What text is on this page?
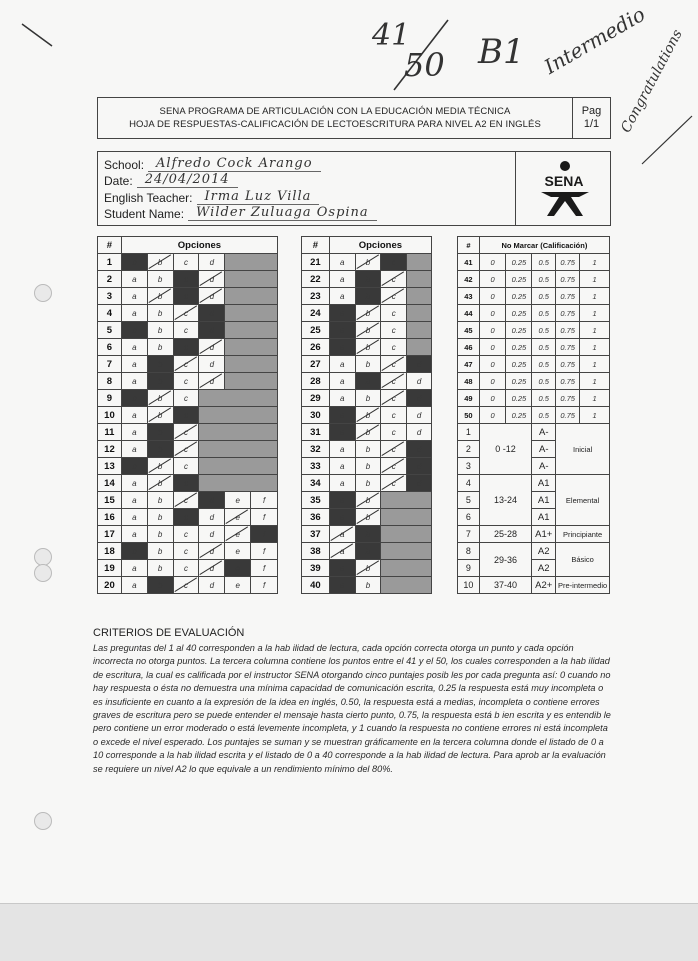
41
50 B1 Intermedio
Congratulations
SENA PROGRAMA DE ARTICULACIÓN CON LA EDUCACIÓN MEDIA TÉCNICA
HOJA DE RESPUESTAS-CALIFICACIÓN DE LECTOESCRITURA PARA NIVEL A2 EN INGLÉS
Pag
1/1
School: Alfredo Cock Arango
Date: 24/04/2014
English Teacher: Irma Luz Villa
Student Name: Wilder Zuluaga Ospina
SENA
#	Opciones					
1	a	b	c	d		
2	a	b	c	d		
3	a	b	c	d		
4	a	b	c	d		
5	a	b	c	d		
6	a	b	c	d		
7	a	b	c	d		
8	a	b	c	d		
9	a	b	c			
10	a	b	c			
11	a	b	c			
12	a	b	c			
13	a	b	c			
14	a	b	c			
15	a	b	c	d	e	f
16	a	b	c	d	e	f
17	a	b	c	d	e	f
18	a	b	c	d	e	f
19	a	b	c	d	e	f
20	a	b	c	d	e	f
#	Opciones			
21	a	b	c	
22	a	b	c	
23	a	b	c	
24	a	b	c	
25	a	b	c	
26	a	b	c	
27	a	b	c	d
28	a	b	c	d
29	a	b	c	d
30	a	b	c	d
31	a	b	c	d
32	a	b	c	d
33	a	b	c	d
34	a	b	c	d
35	a	b		
36	a	b		
37	a	b		
38	a	b		
39	a	b		
40	a	b		
#	No Marcar (Calificación)				
41	0	0.25	0.5	0.75	1
42	0	0.25	0.5	0.75	1
43	0	0.25	0.5	0.75	1
44	0	0.25	0.5	0.75	1
45	0	0.25	0.5	0.75	1
46	0	0.25	0.5	0.75	1
47	0	0.25	0.5	0.75	1
48	0	0.25	0.5	0.75	1
49	0	0.25	0.5	0.75	1
50	0	0.25	0.5	0.75	1
1	0 -12		A-	Inicial	
2			A-		
3			A-		
4	13-24		A1	Elemental	
5			A1		
6			A1		
7	25-28		A1+	Principiante	
8	29-36		A2	Básico	
9			A2		
10	37-40		A2+	Pre-intermedio	
CRITERIOS DE EVALUACIÓN
Las preguntas del 1 al 40 corresponden a la hab ilidad de lectura, cada opción correcta otorga un punto y cada opción incorrecta no otorga puntos. La tercera columna contiene los puntos entre el 41 y el 50, los cuales corresponden a la hab ilidad de escritura, la cual es calificada por el instructor SENA otorgando cinco puntajes posib les por cada pregunta así: 0 cuando no hay respuesta o ésta no demuestra una mínima capacidad de comunicación escrita, 0.25 la respuesta está muy incompleta o es insuficiente en cuanto a la expresión de la idea en inglés, 0.50, la respuesta está a medias, incompleta o contiene errores graves de escritura pero se puede entender el mensaje hasta cierto punto, 0.75, la respuesta está b ien escrita y es entendib le pero contiene un error moderado o está levemente incompleta, y 1 cuando la respuesta no contiene errores ni está incompleta o excede el nivel esperado. Los puntajes se suman y se muestran gráficamente en la tercera columna donde el listado de 0 a 10 corresponde a la hab ilidad escrita y el listado de 0 a 40 corresponde a la hab ilidad de lectura. Para aprob ar la evaluación se requiere un nivel A2 lo que equivale a un rendimiento mínimo del 80%.
